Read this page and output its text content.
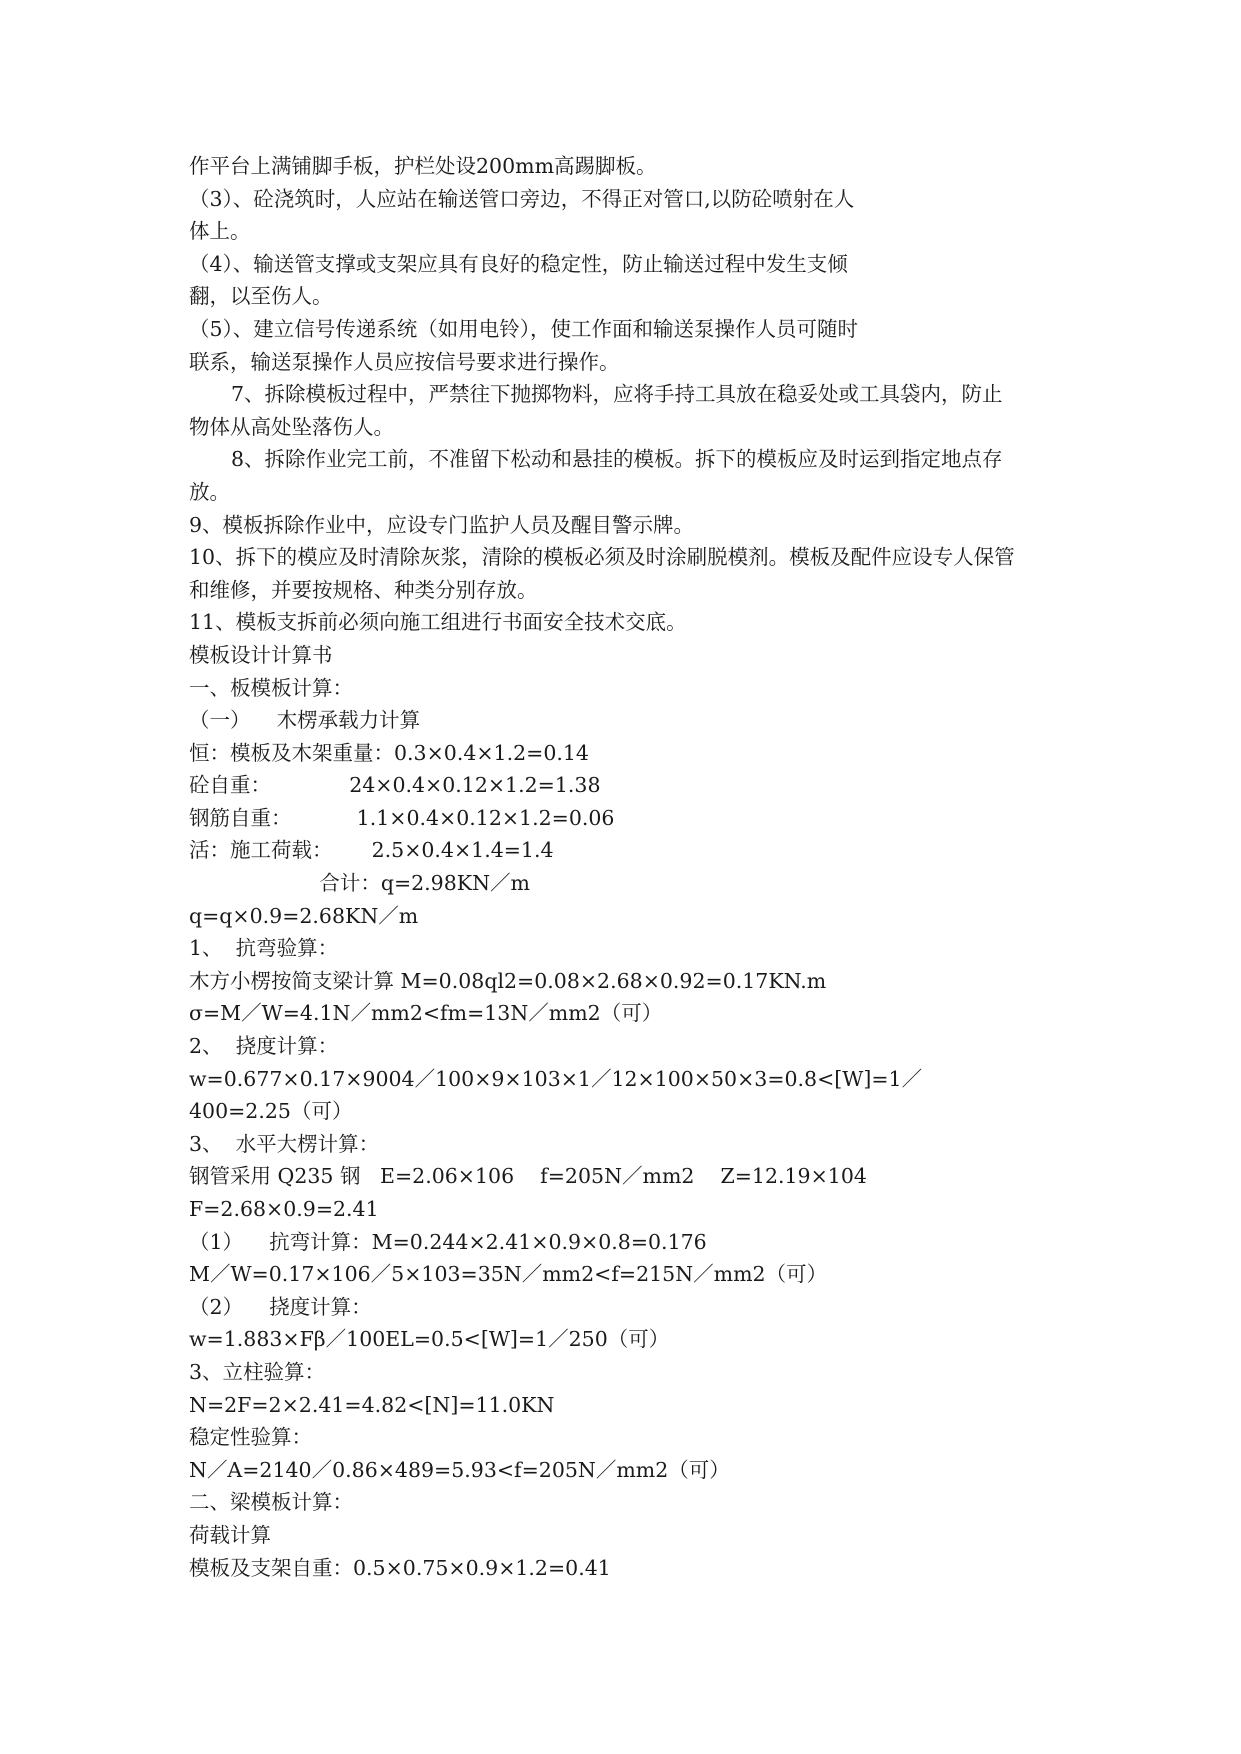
作平台上满铺脚手板，护栏处设200mm高踢脚板。
（3）、砼浇筑时，人应站在输送管口旁边，不得正对管口,以防砼喷射在人
体上。
（4）、输送管支撑或支架应具有良好的稳定性，防止输送过程中发生支倾
翻，以至伤人。
（5）、建立信号传递系统（如用电铃），使工作面和输送泵操作人员可随时
联系，输送泵操作人员应按信号要求进行操作。
7、拆除模板过程中，严禁往下抛掷物料，应将手持工具放在稳妥处或工具袋内，防止
物体从高处坠落伤人。
8、拆除作业完工前，不准留下松动和悬挂的模板。拆下的模板应及时运到指定地点存
放。
9、模板拆除作业中，应设专门监护人员及醒目警示牌。
10、拆下的模应及时清除灰浆，清除的模板必须及时涂刷脱模剂。模板及配件应设专人保管
和维修，并要按规格、种类分别存放。
11、模板支拆前必须向施工组进行书面安全技术交底。
模板设计计算书
一、板模板计算：
（一）    木楞承载力计算
恒：模板及木架重量：0.3×0.4×1.2=0.14
砼自重：            24×0.4×0.12×1.2=1.38
钢筋自重：          1.1×0.4×0.12×1.2=0.06
活：施工荷载：      2.5×0.4×1.4=1.4
合计：q=2.98KN／m
q=q×0.9=2.68KN／m
1、  抗弯验算：
木方小楞按简支梁计算 M=0.08ql2=0.08×2.68×0.92=0.17KN.m
σ=M／W=4.1N／mm2<fm=13N／mm2（可）
2、  挠度计算：
w=0.677×0.17×9004／100×9×103×1／12×100×50×3=0.8<[W]=1／
400=2.25（可）
3、  水平大楞计算：
钢管采用 Q235 钢   E=2.06×106    f=205N／mm2    Z=12.19×104
F=2.68×0.9=2.41
（1）    抗弯计算：M=0.244×2.41×0.9×0.8=0.176
M／W=0.17×106／5×103=35N／mm2<f=215N／mm2（可）
（2）    挠度计算：
w=1.883×Fβ／100EL=0.5<[W]=1／250（可）
3、立柱验算：
N=2F=2×2.41=4.82<[N]=11.0KN
稳定性验算：
N／A=2140／0.86×489=5.93<f=205N／mm2（可）
二、梁模板计算：
荷载计算
模板及支架自重：0.5×0.75×0.9×1.2=0.41
